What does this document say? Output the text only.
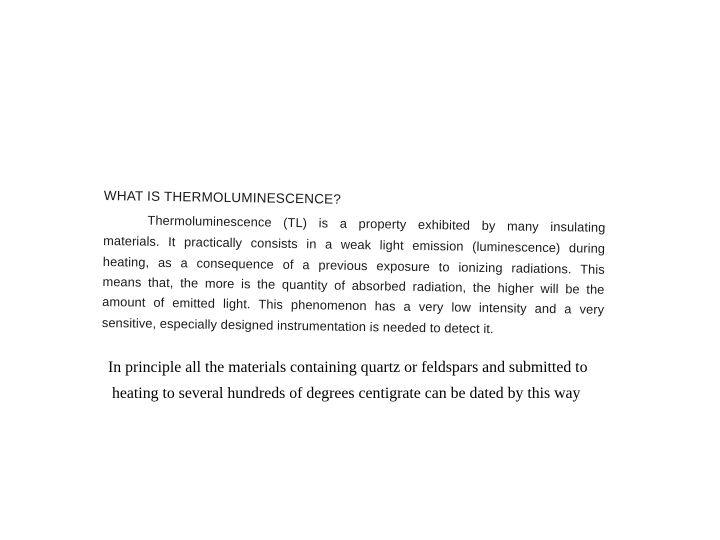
WHAT IS THERMOLUMINESCENCE?
Thermoluminescence (TL) is a property exhibited by many insulating
materials. It practically consists in a weak light emission (luminescence) during
heating, as a consequence of a previous exposure to ionizing radiations. This
means that, the more is the quantity of absorbed radiation, the higher will be the
amount of emitted light. This phenomenon has a very low intensity and a very
sensitive, especially designed instrumentation is needed to detect it.
In principle all the materials containing quartz or feldspars and submitted to
heating to several hundreds of degrees centigrate can be dated by this way
